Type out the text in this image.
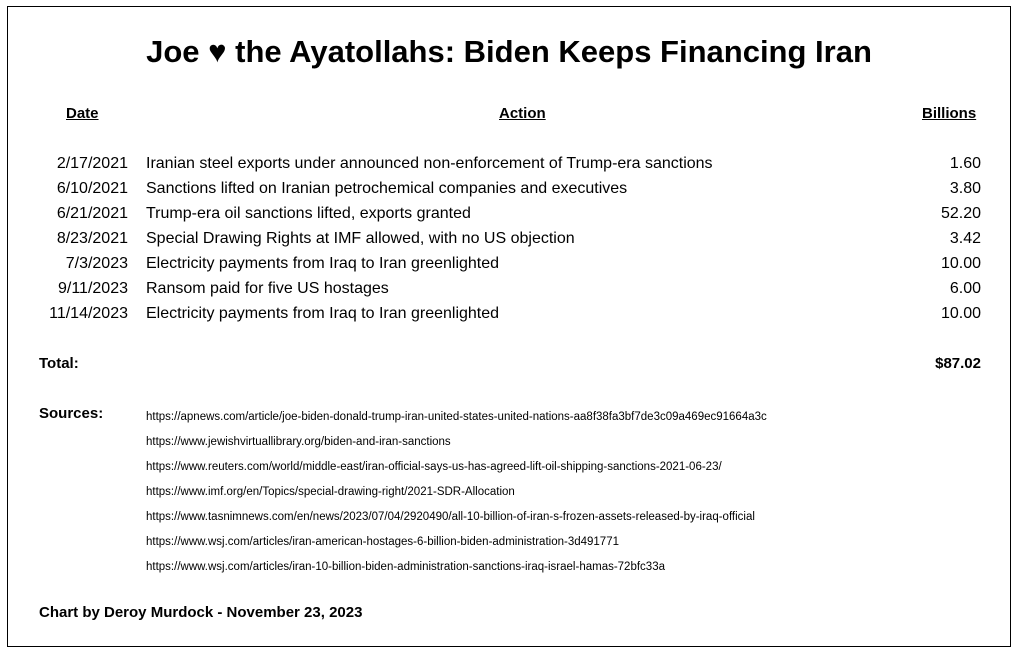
Joe ♥ the Ayatollahs: Biden Keeps Financing Iran
Date	Action	Billions
2/17/2021 Iranian steel exports under announced non-enforcement of Trump-era sanctions	1.60
6/10/2021 Sanctions lifted on Iranian petrochemical companies and executives	3.80
6/21/2021 Trump-era oil sanctions lifted, exports granted	52.20
8/23/2021 Special Drawing Rights at IMF allowed, with no US objection	3.42
7/3/2023 Electricity payments from Iraq to Iran greenlighted	10.00
9/11/2023 Ransom paid for five US hostages	6.00
11/14/2023 Electricity payments from Iraq to Iran greenlighted	10.00
Total:	$87.02
Sources:	https://apnews.com/article/joe-biden-donald-trump-iran-united-states-united-nations-aa8f38fa3bf7de3c09a469ec91664a3c
https://www.jewishvirtuallibrary.org/biden-and-iran-sanctions
https://www.reuters.com/world/middle-east/iran-official-says-us-has-agreed-lift-oil-shipping-sanctions-2021-06-23/
https://www.imf.org/en/Topics/special-drawing-right/2021-SDR-Allocation
https://www.tasnimnews.com/en/news/2023/07/04/2920490/all-10-billion-of-iran-s-frozen-assets-released-by-iraq-official
https://www.wsj.com/articles/iran-american-hostages-6-billion-biden-administration-3d491771
https://www.wsj.com/articles/iran-10-billion-biden-administration-sanctions-iraq-israel-hamas-72bfc33a
Chart by Deroy Murdock - November 23, 2023
